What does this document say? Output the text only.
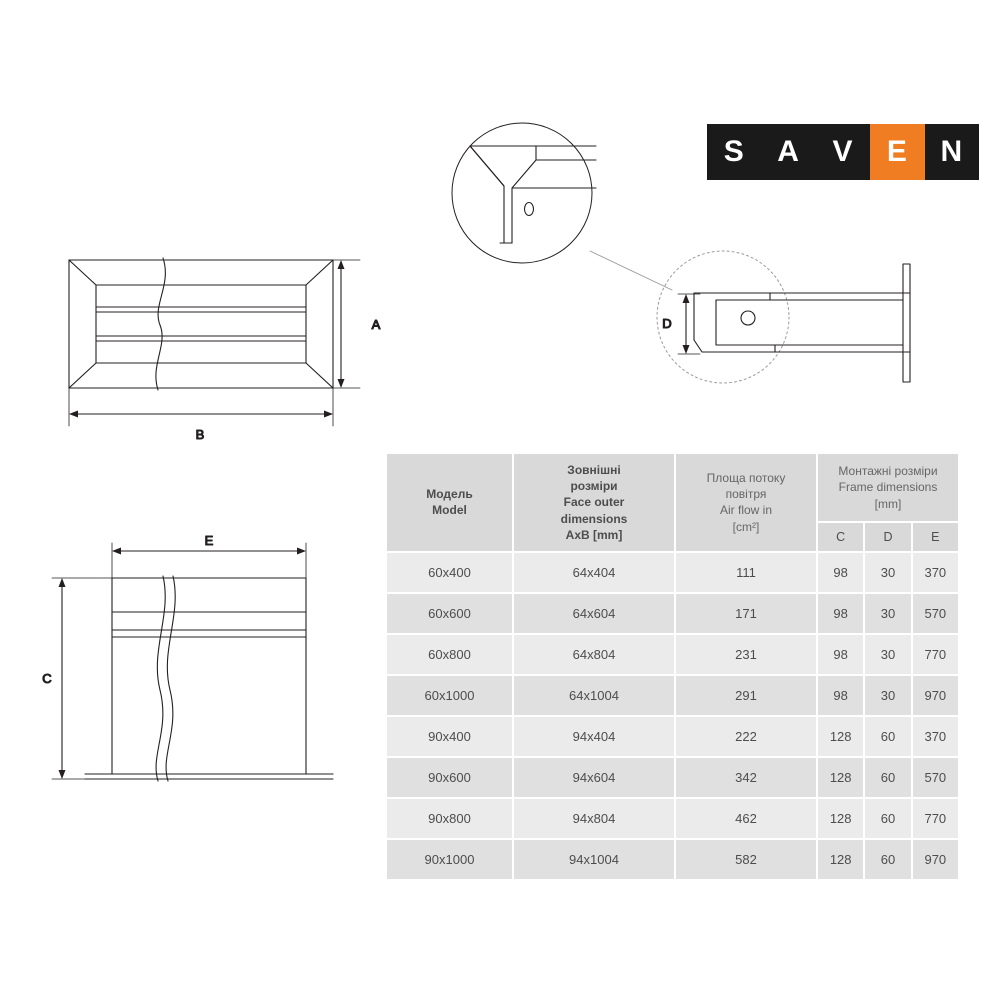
S	A	V	E	N
A
B
E
C
D
Модель
Model

Зовнішні
розміри
Face outer
dimensions
AxB [mm]

Площа потоку
повітря
Air flow in
[cm²]

Монтажні розміри
Frame dimensions
[mm]

			C	D	E
60x400	64x404	111	98	30	370
60x600	64x604	171	98	30	570
60x800	64x804	231	98	30	770
60x1000	64x1004	291	98	30	970
90x400	94x404	222	128	60	370
90x600	94x604	342	128	60	570
90x800	94x804	462	128	60	770
90x1000	94x1004	582	128	60	970
